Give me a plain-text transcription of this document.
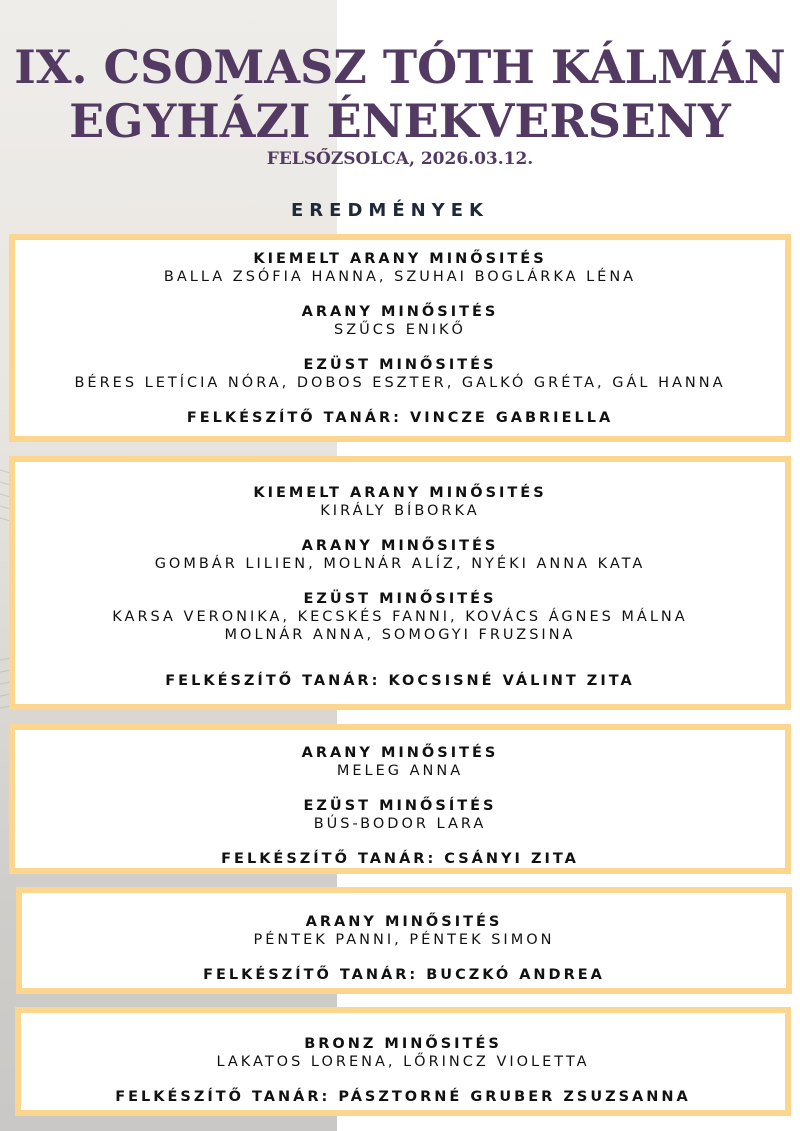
IX. CSOMASZ TÓTH KÁLMÁN
EGYHÁZI ÉNEKVERSENY
FELSŐZSOLCA, 2026.03.12.
EREDMÉNYEK
KIEMELT ARANY MINŐSITÉS
BALLA ZSÓFIA HANNA, SZUHAI BOGLÁRKA LÉNA
ARANY MINŐSITÉS
SZŰCS ENIKŐ
EZÜST MINŐSITÉS
BÉRES LETÍCIA NÓRA, DOBOS ESZTER, GALKÓ GRÉTA, GÁL HANNA
FELKÉSZÍTŐ TANÁR: VINCZE GABRIELLA
KIEMELT ARANY MINŐSITÉS
KIRÁLY BÍBORKA
ARANY MINŐSITÉS
GOMBÁR LILIEN, MOLNÁR ALÍZ, NYÉKI ANNA KATA
EZÜST MINŐSITÉS
KARSA VERONIKA, KECSKÉS FANNI, KOVÁCS ÁGNES MÁLNA
MOLNÁR ANNA, SOMOGYI FRUZSINA
FELKÉSZÍTŐ TANÁR: KOCSISNÉ VÁLINT ZITA
ARANY MINŐSITÉS
MELEG ANNA
EZÜST MINŐSÍTÉS
BÚS-BODOR LARA
FELKÉSZÍTŐ TANÁR: CSÁNYI ZITA
ARANY MINŐSITÉS
PÉNTEK PANNI, PÉNTEK SIMON
FELKÉSZÍTŐ TANÁR: BUCZKÓ ANDREA
BRONZ MINŐSITÉS
LAKATOS LORENA, LŐRINCZ VIOLETTA
FELKÉSZÍTŐ TANÁR: PÁSZTORNÉ GRUBER ZSUZSANNA
